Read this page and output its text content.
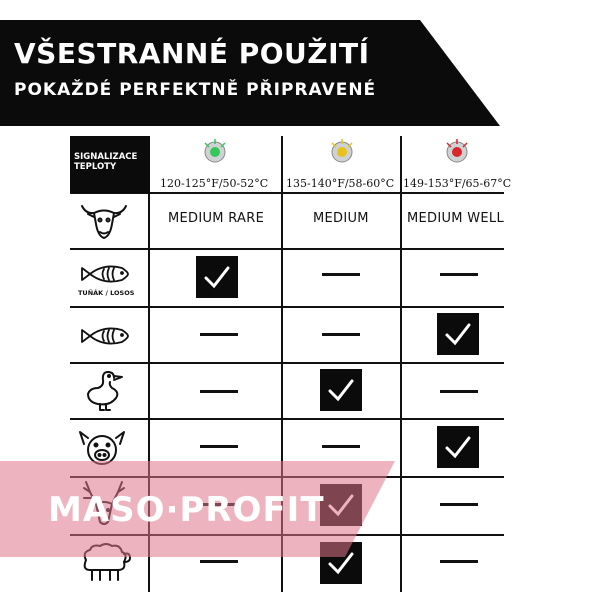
VŠESTRANNÉ POUŽITÍ
POKAŽDÉ PERFEKTNĚ PŘIPRAVENÉ
SIGNALIZACE
TEPLOTY
120-125°F/50-52°C 135-140°F/58-60°C 149-153°F/65-67°C
MEDIUM RARE	MEDIUM	MEDIUM WELL
TUŇÁK / LOSOS
MASO·PROFIT
